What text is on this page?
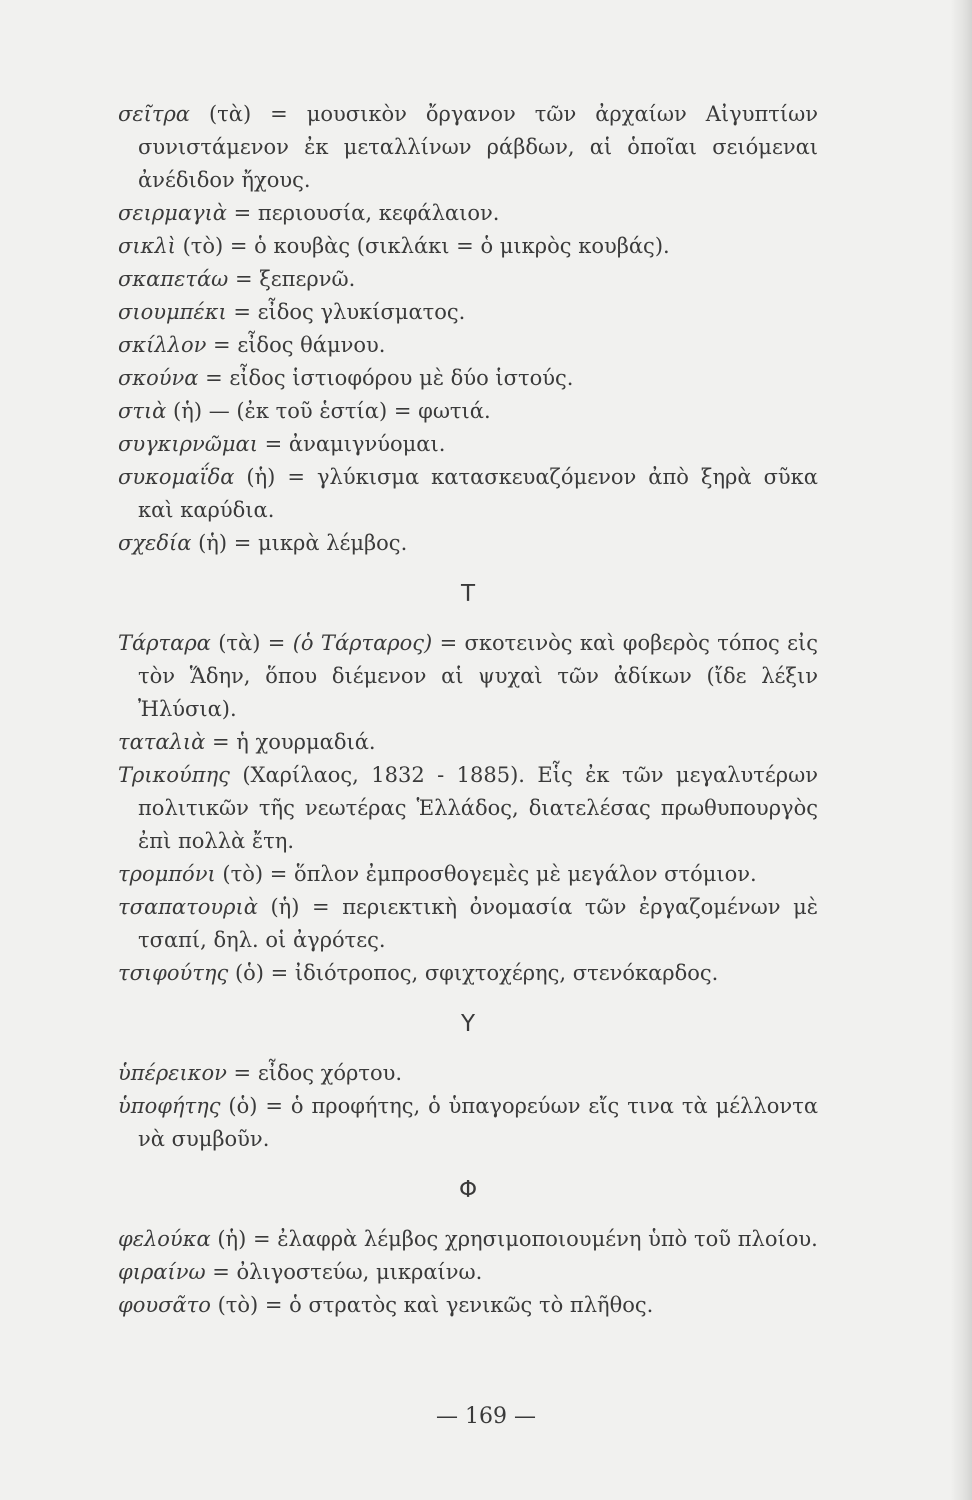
σεῖτρα (τὰ) = μουσικὸν ὄργανον τῶν ἀρχαίων Αἰγυπτίων συνιστάμενον ἐκ μεταλλίνων ράβδων, αἱ ὁποῖαι σειόμεναι ἀνέδιδον ἤχους.
σειρμαγιὰ = περιουσία, κεφάλαιον.
σικλὶ (τὸ) = ὁ κουβὰς (σικλάκι = ὁ μικρὸς κουβάς).
σκαπετάω = ξεπερνῶ.
σιουμπέκι = εἶδος γλυκίσματος.
σκίλλον = εἶδος θάμνου.
σκούνα = εἶδος ἱστιοφόρου μὲ δύο ἱστούς.
στιὰ (ἡ) — (ἐκ τοῦ ἑστία) = φωτιά.
συγκιρνῶμαι = ἀναμιγνύομαι.
συκομαΐδα (ἡ) = γλύκισμα κατασκευαζόμενον ἀπὸ ξηρὰ σῦκα καὶ καρύδια.
σχεδία (ἡ) = μικρὰ λέμβος.
Τ
Τάρταρα (τὰ) = (ὁ Τάρταρος) = σκοτεινὸς καὶ φοβερὸς τόπος εἰς τὸν Ἅδην, ὅπου διέμενον αἱ ψυχαὶ τῶν ἀδίκων (ἴδε λέξιν Ἠλύσια).
ταταλιὰ = ἡ χουρμαδιά.
Τρικούπης (Χαρίλαος, 1832 - 1885). Εἷς ἐκ τῶν μεγαλυτέρων πολιτικῶν τῆς νεωτέρας Ἑλλάδος, διατελέσας πρωθυπουργὸς ἐπὶ πολλὰ ἔτη.
τρομπόνι (τὸ) = ὅπλον ἐμπροσθογεμὲς μὲ μεγάλον στόμιον.
τσαπατουριὰ (ἡ) = περιεκτικὴ ὀνομασία τῶν ἐργαζομένων μὲ τσαπί, δηλ. οἱ ἀγρότες.
τσιφούτης (ὁ) = ἰδιότροπος, σφιχτοχέρης, στενόκαρδος.
Υ
ὑπέρεικον = εἶδος χόρτου.
ὑποφήτης (ὁ) = ὁ προφήτης, ὁ ὑπαγορεύων εἴς τινα τὰ μέλλοντα νὰ συμβοῦν.
Φ
φελούκα (ἡ) = ἐλαφρὰ λέμβος χρησιμοποιουμένη ὑπὸ τοῦ πλοίου.
φιραίνω = ὀλιγοστεύω, μικραίνω.
φουσᾶτο (τὸ) = ὁ στρατὸς καὶ γενικῶς τὸ πλῆθος.
— 169 —
